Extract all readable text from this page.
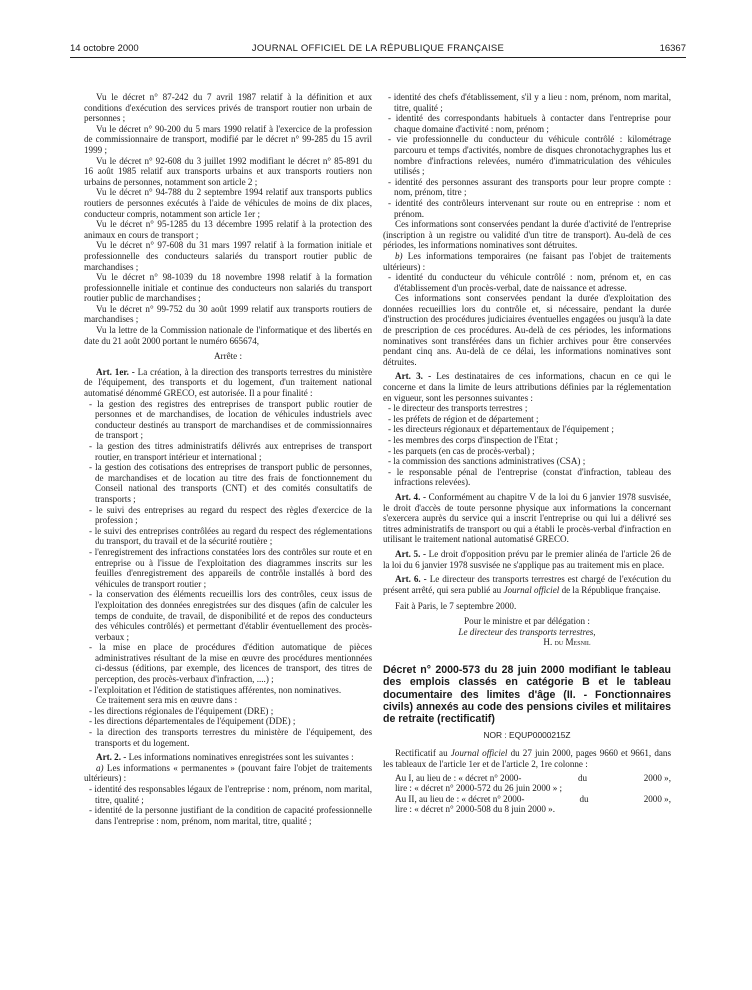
14 octobre 2000	JOURNAL OFFICIEL DE LA RÉPUBLIQUE FRANÇAISE	16367

Vu le décret n° 87-242 du 7 avril 1987 relatif à la définition et aux conditions d'exécution des services privés de transport routier non urbain de personnes ;

Vu le décret n° 90-200 du 5 mars 1990 relatif à l'exercice de la profession de commissionnaire de transport, modifié par le décret n° 99-285 du 15 avril 1999 ;

Vu le décret n° 92-608 du 3 juillet 1992 modifiant le décret n° 85-891 du 16 août 1985 relatif aux transports urbains et aux transports routiers non urbains de personnes, notamment son article 2 ;

Vu le décret n° 94-788 du 2 septembre 1994 relatif aux transports publics routiers de personnes exécutés à l'aide de véhicules de moins de dix places, conducteur compris, notamment son article 1er ;

Vu le décret n° 95-1285 du 13 décembre 1995 relatif à la protection des animaux en cours de transport ;

Vu le décret n° 97-608 du 31 mars 1997 relatif à la formation initiale et professionnelle des conducteurs salariés du transport routier public de marchandises ;

Vu le décret n° 98-1039 du 18 novembre 1998 relatif à la formation professionnelle initiale et continue des conducteurs non salariés du transport routier public de marchandises ;

Vu le décret n° 99-752 du 30 août 1999 relatif aux transports routiers de marchandises ;

Vu la lettre de la Commission nationale de l'informatique et des libertés en date du 21 août 2000 portant le numéro 665674,

Arrête :

Art. 1er. - La création, à la direction des transports terrestres du ministère de l'équipement, des transports et du logement, d'un traitement national automatisé dénommé GRECO, est autorisée. Il a pour finalité :

- la gestion des registres des entreprises de transport public routier de personnes et de marchandises, de location de véhicules industriels avec conducteur destinés au transport de marchandises et de commissionnaires de transport ;

- la gestion des titres administratifs délivrés aux entreprises de transport routier, en transport intérieur et international ;

- la gestion des cotisations des entreprises de transport public de personnes, de marchandises et de location au titre des frais de fonctionnement du Conseil national des transports (CNT) et des comités consultatifs de transports ;

- le suivi des entreprises au regard du respect des règles d'exercice de la profession ;

- le suivi des entreprises contrôlées au regard du respect des réglementations du transport, du travail et de la sécurité routière ;

- l'enregistrement des infractions constatées lors des contrôles sur route et en entreprise ou à l'issue de l'exploitation des diagrammes inscrits sur les feuilles d'enregistrement des appareils de contrôle installés à bord des véhicules de transport routier ;

- la conservation des éléments recueillis lors des contrôles, ceux issus de l'exploitation des données enregistrées sur des disques (afin de calculer les temps de conduite, de travail, de disponibilité et de repos des conducteurs des véhicules contrôlés) et permettant d'établir éventuellement des procès-verbaux ;

- la mise en place de procédures d'édition automatique de pièces administratives résultant de la mise en œuvre des procédures mentionnées ci-dessus (éditions, par exemple, des licences de transport, des titres de perception, des procès-verbaux d'infraction, ....) ;

- l'exploitation et l'édition de statistiques afférentes, non nominatives.

Ce traitement sera mis en œuvre dans :

- les directions régionales de l'équipement (DRE) ;

- les directions départementales de l'équipement (DDE) ;

- la direction des transports terrestres du ministère de l'équipement, des transports et du logement.

Art. 2. - Les informations nominatives enregistrées sont les suivantes :

a) Les informations « permanentes » (pouvant faire l'objet de traitements ultérieurs) :

- identité des responsables légaux de l'entreprise : nom, prénom, nom marital, titre, qualité ;

- identité de la personne justifiant de la condition de capacité professionnelle dans l'entreprise : nom, prénom, nom marital, titre, qualité ;

- identité des chefs d'établissement, s'il y a lieu : nom, prénom, nom marital, titre, qualité ;

- identité des correspondants habituels à contacter dans l'entreprise pour chaque domaine d'activité : nom, prénom ;

- vie professionnelle du conducteur du véhicule contrôlé : kilométrage parcouru et temps d'activités, nombre de disques chronotachygraphes lus et nombre d'infractions relevées, numéro d'immatriculation des véhicules utilisés ;

- identité des personnes assurant des transports pour leur propre compte : nom, prénom, titre ;

- identité des contrôleurs intervenant sur route ou en entreprise : nom et prénom.

Ces informations sont conservées pendant la durée d'activité de l'entreprise (inscription à un registre ou validité d'un titre de transport). Au-delà de ces périodes, les informations nominatives sont détruites.

b) Les informations temporaires (ne faisant pas l'objet de traitements ultérieurs) :

- identité du conducteur du véhicule contrôlé : nom, prénom et, en cas d'établissement d'un procès-verbal, date de naissance et adresse.

Ces informations sont conservées pendant la durée d'exploitation des données recueillies lors du contrôle et, si nécessaire, pendant la durée d'instruction des procédures judiciaires éventuelles engagées ou jusqu'à la date de prescription de ces procédures. Au-delà de ces périodes, les informations nominatives sont transférées dans un fichier archives pour être conservées pendant cinq ans. Au-delà de ce délai, les informations nominatives sont détruites.

Art. 3. - Les destinataires de ces informations, chacun en ce qui le concerne et dans la limite de leurs attributions définies par la réglementation en vigueur, sont les personnes suivantes :

- le directeur des transports terrestres ;

- les préfets de région et de département ;

- les directeurs régionaux et départementaux de l'équipement ;

- les membres des corps d'inspection de l'Etat ;

- les parquets (en cas de procès-verbal) ;

- la commission des sanctions administratives (CSA) ;

- le responsable pénal de l'entreprise (constat d'infraction, tableau des infractions relevées).

Art. 4. - Conformément au chapitre V de la loi du 6 janvier 1978 susvisée, le droit d'accès de toute personne physique aux informations la concernant s'exercera auprès du service qui a inscrit l'entreprise ou qui lui a délivré ses titres administratifs de transport ou qui a établi le procès-verbal d'infraction en utilisant le traitement national automatisé GRECO.

Art. 5. - Le droit d'opposition prévu par le premier alinéa de l'article 26 de la loi du 6 janvier 1978 susvisée ne s'applique pas au traitement mis en place.

Art. 6. - Le directeur des transports terrestres est chargé de l'exécution du présent arrêté, qui sera publié au Journal officiel de la République française.

Fait à Paris, le 7 septembre 2000.

Pour le ministre et par délégation :

Le directeur des transports terrestres,

H. du Mesnil

Décret n° 2000-573 du 28 juin 2000 modifiant le tableau des emplois classés en catégorie B et le tableau documentaire des limites d'âge (II. - Fonctionnaires civils) annexés au code des pensions civiles et militaires de retraite (rectificatif)
NOR : EQUP0000215Z

Rectificatif au Journal officiel du 27 juin 2000, pages 9660 et 9661, dans les tableaux de l'article 1er et de l'article 2, 1re colonne :

Au I, au lieu de : « décret n° 2000-	du	2000 »,
lire : « décret n° 2000-572 du 26 juin 2000 » ;
Au II, au lieu de : « décret n° 2000-	du	2000 »,
lire : « décret n° 2000-508 du 8 juin 2000 ».
